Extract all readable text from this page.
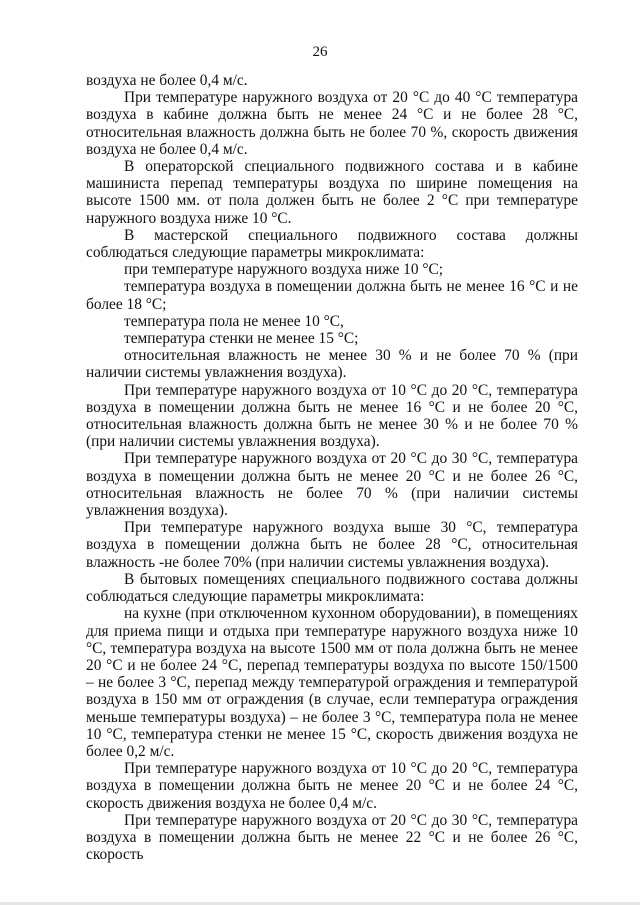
26

воздуха не более 0,4 м/с.

При температуре наружного воздуха от 20 °С до 40 °С температура воздуха в кабине должна быть не менее 24 °С и не более 28 °С, относительная влажность должна быть не более 70 %, скорость движения воздуха не более 0,4 м/с.

В операторской специального подвижного состава и в кабине машиниста перепад температуры воздуха по ширине помещения на высоте 1500 мм. от пола должен быть не более 2 °С при температуре наружного воздуха ниже 10 °С.

В мастерской специального подвижного состава должны соблюдаться следующие параметры микроклимата:

при температуре наружного воздуха ниже 10 °С;

температура воздуха в помещении должна быть не менее 16 °С и не более 18 °С;

температура пола не менее 10 °С,

температура стенки не менее 15 °С;

относительная влажность не менее 30 % и не более 70 % (при наличии системы увлажнения воздуха).

При температуре наружного воздуха от 10 °С до 20 °С, температура воздуха в помещении должна быть не менее 16 °С и не более 20 °С, относительная влажность должна быть не менее 30 % и не более 70 % (при наличии системы увлажнения воздуха).

При температуре наружного воздуха от 20 °С до 30 °С, температура воздуха в помещении должна быть не менее 20 °С и не более 26 °С, относительная влажность не более 70 % (при наличии системы увлажнения воздуха).

При температуре наружного воздуха выше 30 °С, температура воздуха в помещении должна быть не более 28 °С, относительная влажность -не более 70% (при наличии системы увлажнения воздуха).

В бытовых помещениях специального подвижного состава должны соблюдаться следующие параметры микроклимата:

на кухне (при отключенном кухонном оборудовании), в помещениях для приема пищи и отдыха при температуре наружного воздуха ниже 10 °С, температура воздуха на высоте 1500 мм от пола должна быть не менее 20 °С и не более 24 °С, перепад температуры воздуха по высоте 150/1500 – не более 3 °С, перепад между температурой ограждения и температурой воздуха в 150 мм от ограждения (в случае, если температура ограждения меньше температуры воздуха) – не более 3 °С, температура пола не менее 10 °С, температура стенки не менее 15 °С, скорость движения воздуха не более 0,2 м/с.

При температуре наружного воздуха от 10 °С до 20 °С, температура воздуха в помещении должна быть не менее 20 °С и не более 24 °С, скорость движения воздуха не более 0,4 м/с.

При температуре наружного воздуха от 20 °С до 30 °С, температура воздуха в помещении должна быть не менее 22 °С и не более 26 °С, скорость
